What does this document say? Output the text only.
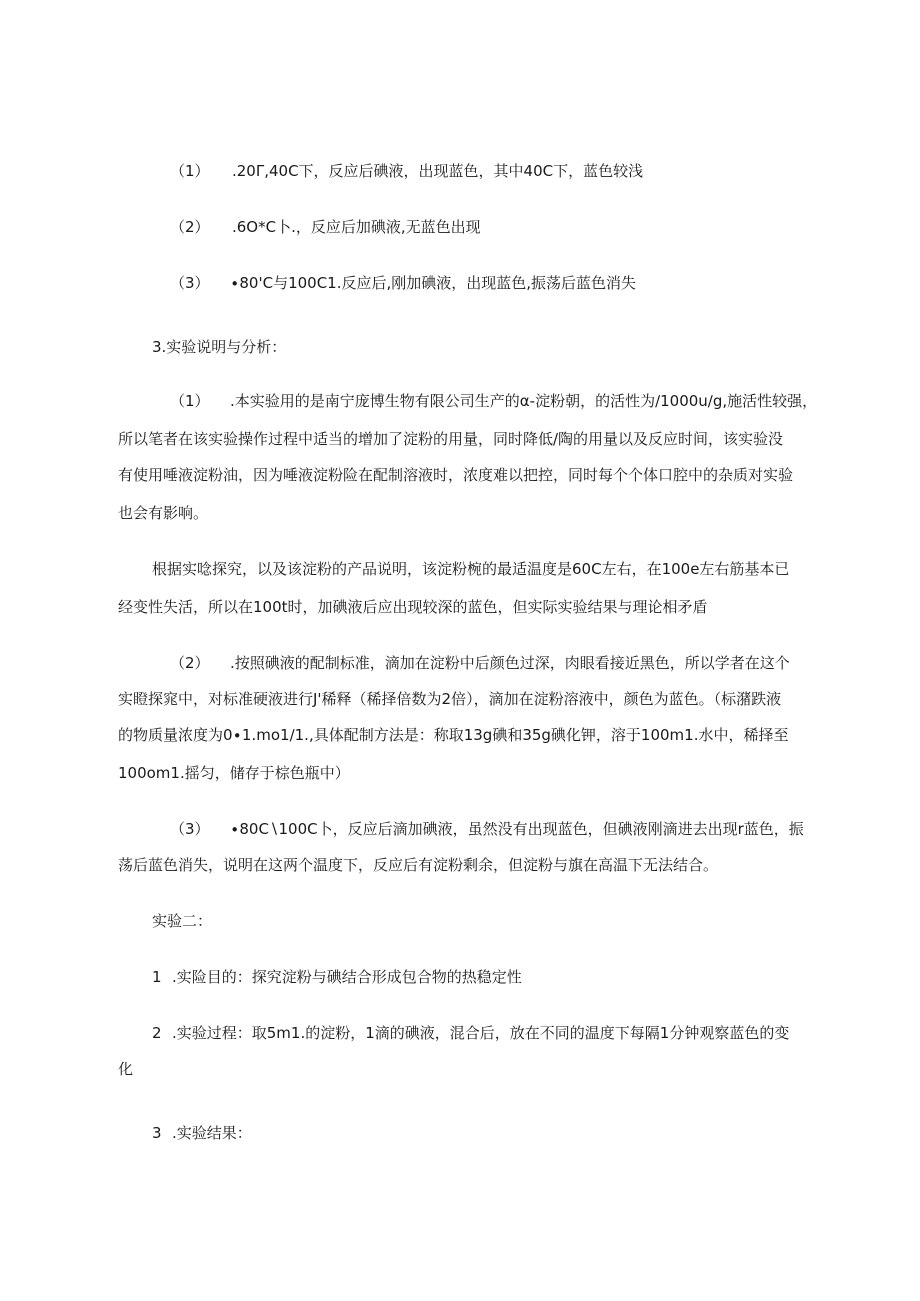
（1） .20Γ,40C下，反应后碘液，出现蓝色，其中40C下，蓝色较浅
（2） .6O*C卜.，反应后加碘液,无蓝色出现
（3） ∙80'C与100C1.反应后,刚加碘液，出现蓝色,振荡后蓝色消失
3.实验说明与分析：
（1） .本实验用的是南宁庞博生物有限公司生产的α-淀粉朝，的活性为∕1000u∕g,施活性较强，
所以笔者在该实验操作过程中适当的增加了淀粉的用量，同时降低/陶的用量以及反应时间，该实验没
有使用唾液淀粉油，因为唾液淀粉险在配制溶液时，浓度难以把控，同时每个个体口腔中的杂质对实验
也会有影响。
根据实唸探究，以及该淀粉的产品说明，该淀粉椀的最适温度是60C左右，在100e左右筋基本已
经变性失活，所以在100t时，加碘液后应出现较深的蓝色，但实际实验结果与理论相矛盾
（2） .按照碘液的配制标准，滴加在淀粉中后颜色过深，肉眼看接近黑色，所以学者在这个
实瞪探窕中，对标准硬液进行J'稀释（稀择倍数为2倍），滴加在淀粉溶液中，颜色为蓝色。（标潴跌液
的物质量浓度为0∙1.mo1∕1.,具体配制方法是：称取13g碘和35g碘化钾，溶于100m1.水中，稀择至
100om1.摇匀，储存于棕色瓶中）
（3） ∙80C∖100C卜，反应后滴加碘液，虽然没有出现蓝色，但碘液刚滴进去出现r蓝色，振
荡后蓝色消失，说明在这两个温度下，反应后有淀粉剩余，但淀粉与旗在高温下无法结合。
实验二：
1 .实险目的：探究淀粉与碘结合形成包合物的热稳定性
2 .实验过程：取5m1.的淀粉，1滴的碘液，混合后，放在不同的温度下每隔1分钟观察蓝色的变
化
3 .实验结果：
